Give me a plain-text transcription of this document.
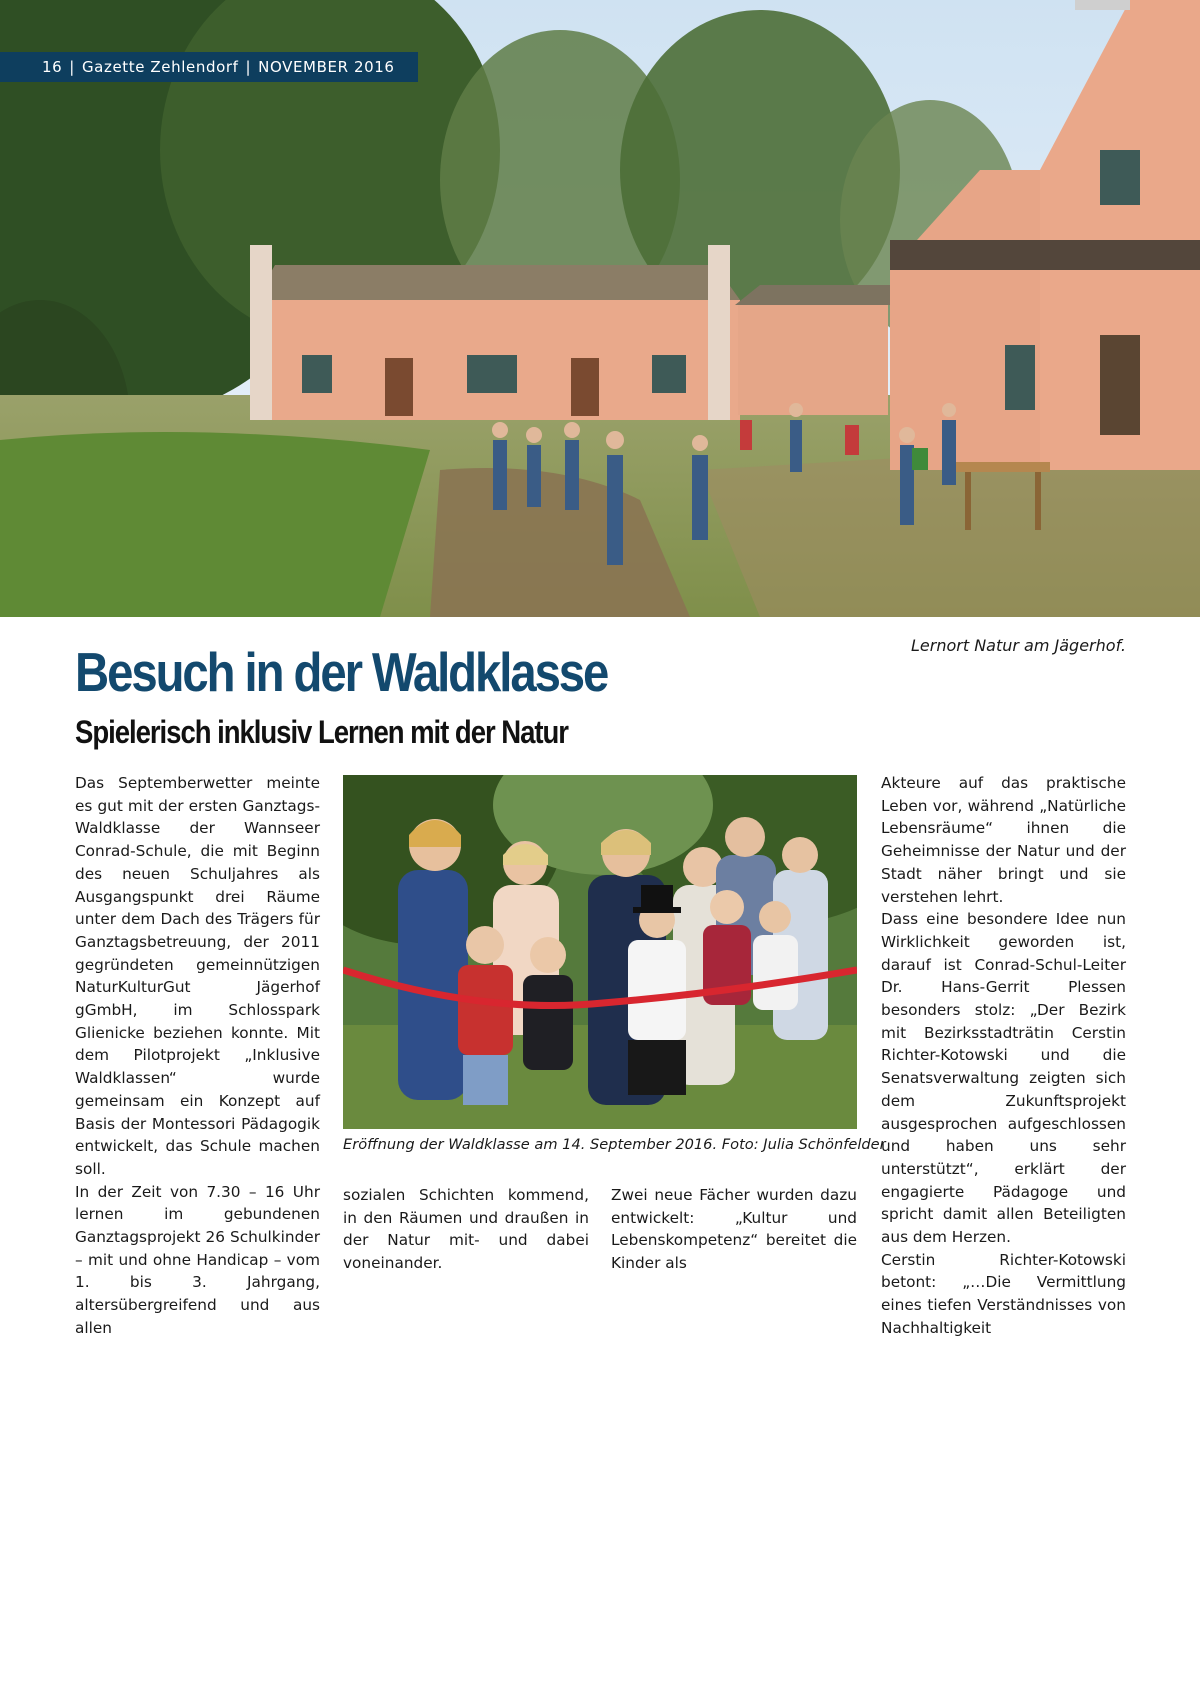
16 | Gazette Zehlendorf | NOVEMBER 2016
Besuch in der Waldklasse	Lernort Natur am Jägerhof.

Spielerisch inklusiv Lernen mit der Natur

Das Septemberwetter meinte es gut mit der ersten Ganztags-Waldklasse der Wannseer Conrad-Schule, die mit Beginn des neuen Schuljahres als Ausgangspunkt drei Räume unter dem Dach des Trägers für Ganztagsbetreuung, der 2011 gegründeten gemeinnützigen NaturKulturGut Jägerhof gGmbH, im Schlosspark Glienicke beziehen konnte. Mit dem Pilotprojekt „Inklusive Waldklassen“ wurde gemeinsam ein Konzept auf Basis der Montessori Pädagogik entwickelt, das Schule machen soll.

In der Zeit von 7.30 – 16 Uhr lernen im gebundenen Ganztagsprojekt 26 Schulkinder – mit und ohne Handicap – vom 1. bis 3. Jahrgang, altersübergreifend und aus allen

Eröffnung der Waldklasse am 14. September 2016. Foto: Julia Schönfelder

sozialen Schichten kommend, in den Räumen und draußen in der Natur mit- und dabei voneinander.

Zwei neue Fächer wurden dazu entwickelt: „Kultur und Lebenskompetenz“ bereitet die Kinder als

Akteure auf das praktische Leben vor, während „Natürliche Lebensräume“ ihnen die Geheimnisse der Natur und der Stadt näher bringt und sie verstehen lehrt.

Dass eine besondere Idee nun Wirklichkeit geworden ist, darauf ist Conrad-Schul-Leiter Dr. Hans-Gerrit Plessen besonders stolz: „Der Bezirk mit Bezirksstadträtin Cerstin Richter-Kotowski und die Senatsverwaltung zeigten sich dem Zukunftsprojekt ausgesprochen aufgeschlossen und haben uns sehr unterstützt“, erklärt der engagierte Pädagoge und spricht damit allen Beteiligten aus dem Herzen.

Cerstin Richter-Kotowski betont: „…Die Vermittlung eines tiefen Verständnisses von Nachhaltigkeit
